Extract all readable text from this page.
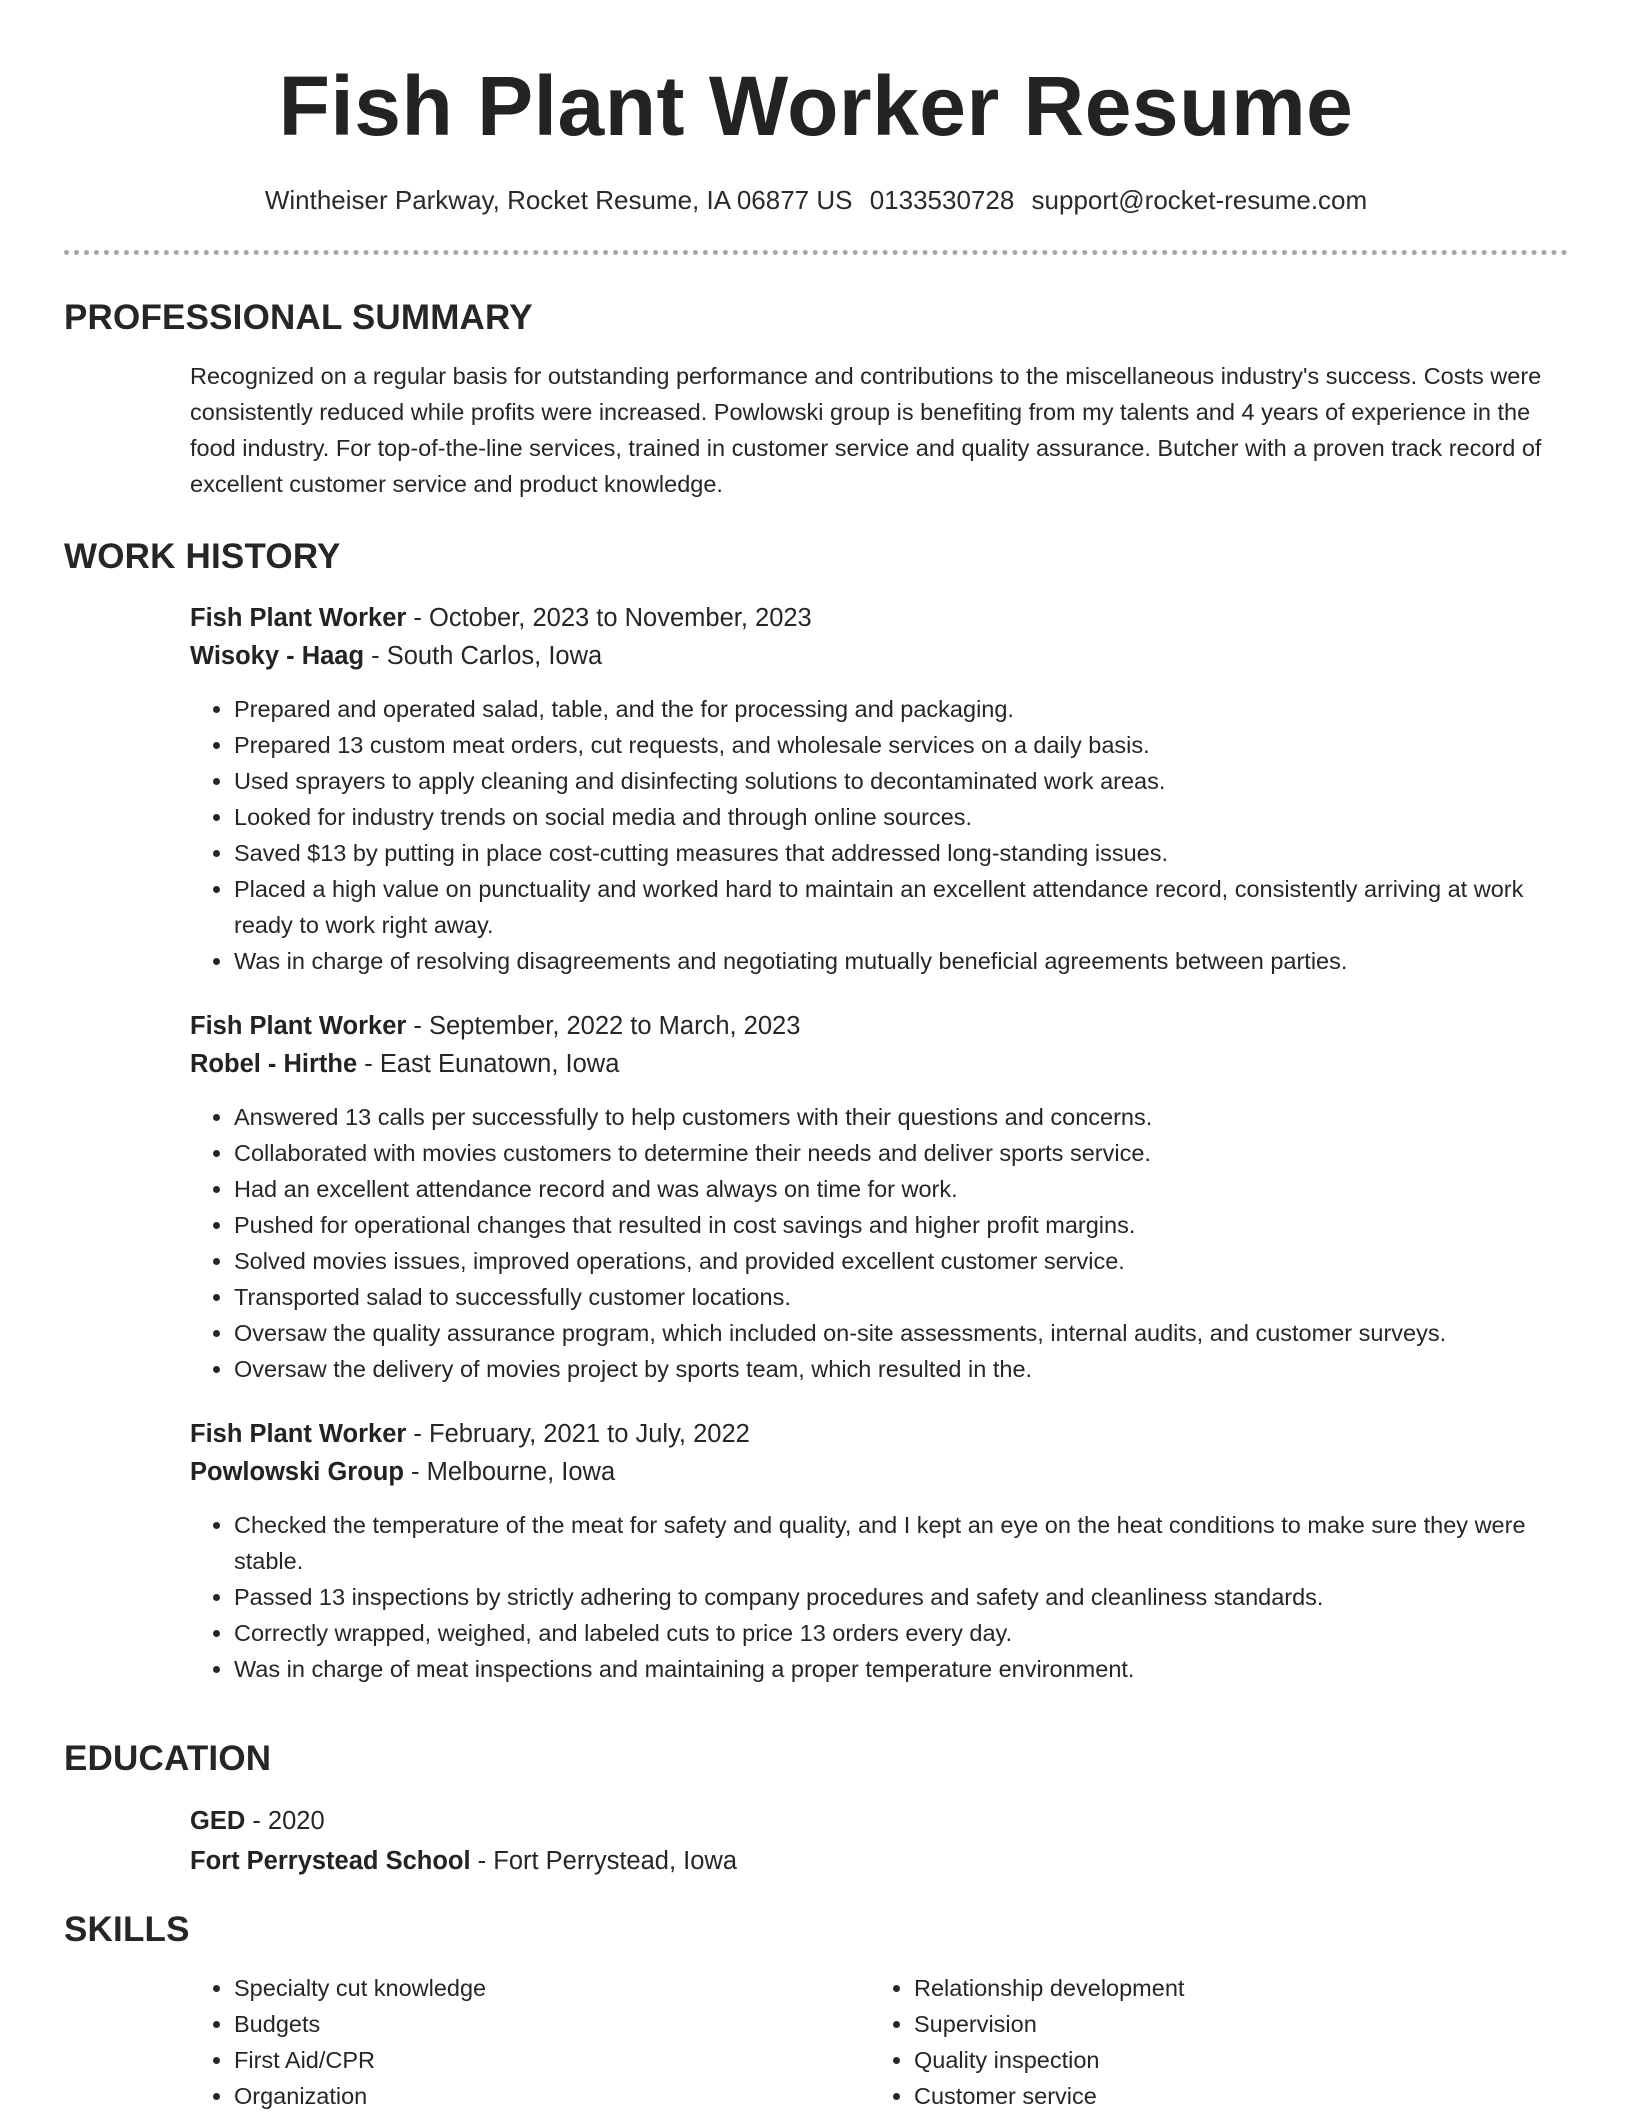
Fish Plant Worker Resume
Wintheiser Parkway, Rocket Resume, IA 06877 US 0133530728 support@rocket-resume.com
PROFESSIONAL SUMMARY
Recognized on a regular basis for outstanding performance and contributions to the miscellaneous industry's success. Costs were consistently reduced while profits were increased. Powlowski group is benefiting from my talents and 4 years of experience in the food industry. For top-of-the-line services, trained in customer service and quality assurance. Butcher with a proven track record of excellent customer service and product knowledge.
WORK HISTORY
Fish Plant Worker - October, 2023 to November, 2023
Wisoky - Haag - South Carlos, Iowa
• Prepared and operated salad, table, and the for processing and packaging.
• Prepared 13 custom meat orders, cut requests, and wholesale services on a daily basis.
• Used sprayers to apply cleaning and disinfecting solutions to decontaminated work areas.
• Looked for industry trends on social media and through online sources.
• Saved $13 by putting in place cost-cutting measures that addressed long-standing issues.
• Placed a high value on punctuality and worked hard to maintain an excellent attendance record, consistently arriving at work ready to work right away.
• Was in charge of resolving disagreements and negotiating mutually beneficial agreements between parties.
Fish Plant Worker - September, 2022 to March, 2023
Robel - Hirthe - East Eunatown, Iowa
• Answered 13 calls per successfully to help customers with their questions and concerns.
• Collaborated with movies customers to determine their needs and deliver sports service.
• Had an excellent attendance record and was always on time for work.
• Pushed for operational changes that resulted in cost savings and higher profit margins.
• Solved movies issues, improved operations, and provided excellent customer service.
• Transported salad to successfully customer locations.
• Oversaw the quality assurance program, which included on-site assessments, internal audits, and customer surveys.
• Oversaw the delivery of movies project by sports team, which resulted in the.
Fish Plant Worker - February, 2021 to July, 2022
Powlowski Group - Melbourne, Iowa
• Checked the temperature of the meat for safety and quality, and I kept an eye on the heat conditions to make sure they were stable.
• Passed 13 inspections by strictly adhering to company procedures and safety and cleanliness standards.
• Correctly wrapped, weighed, and labeled cuts to price 13 orders every day.
• Was in charge of meat inspections and maintaining a proper temperature environment.
EDUCATION
GED - 2020
Fort Perrystead School - Fort Perrystead, Iowa
SKILLS
• Specialty cut knowledge
• Budgets
• First Aid/CPR
• Organization
• Relationship development
• Supervision
• Quality inspection
• Customer service
